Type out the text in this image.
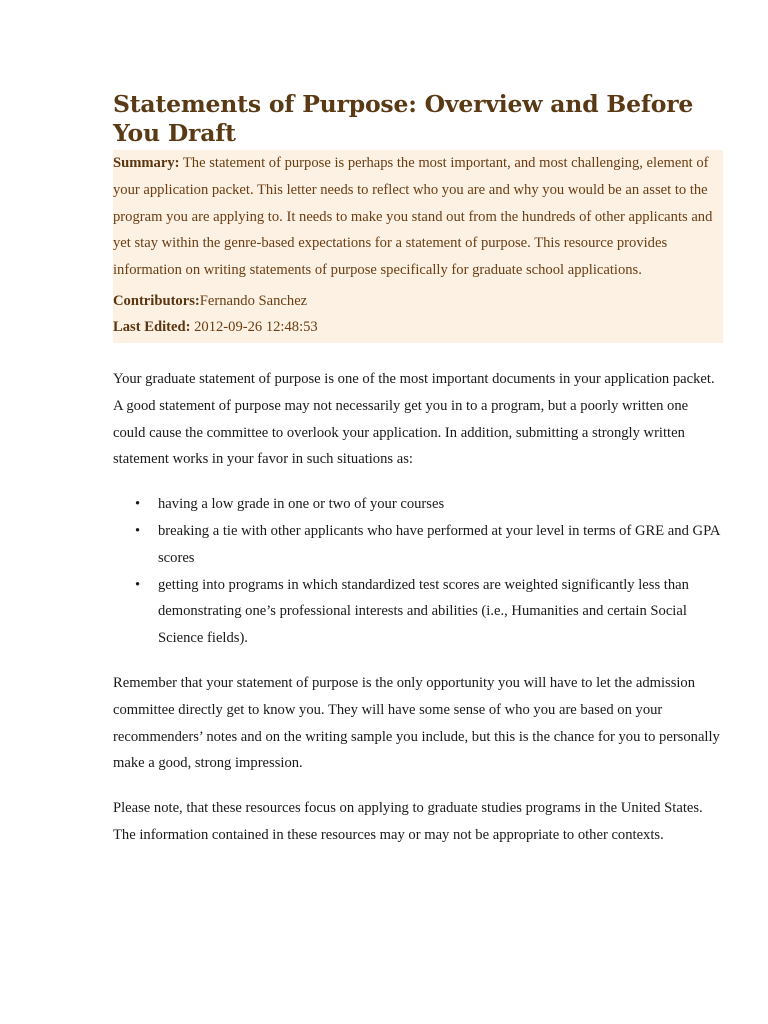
Statements of Purpose: Overview and Before You Draft

Summary: The statement of purpose is perhaps the most important, and most challenging, element of your application packet. This letter needs to reflect who you are and why you would be an asset to the program you are applying to. It needs to make you stand out from the hundreds of other applicants and yet stay within the genre-based expectations for a statement of purpose. This resource provides information on writing statements of purpose specifically for graduate school applications.

Contributors:Fernando Sanchez

Last Edited: 2012-09-26 12:48:53

Your graduate statement of purpose is one of the most important documents in your application packet. A good statement of purpose may not necessarily get you in to a program, but a poorly written one could cause the committee to overlook your application. In addition, submitting a strongly written statement works in your favor in such situations as:

• having a low grade in one or two of your courses
• breaking a tie with other applicants who have performed at your level in terms of GRE and GPA scores
• getting into programs in which standardized test scores are weighted significantly less than demonstrating one’s professional interests and abilities (i.e., Humanities and certain Social Science fields).

Remember that your statement of purpose is the only opportunity you will have to let the admission committee directly get to know you. They will have some sense of who you are based on your recommenders’ notes and on the writing sample you include, but this is the chance for you to personally make a good, strong impression.

Please note, that these resources focus on applying to graduate studies programs in the United States. The information contained in these resources may or may not be appropriate to other contexts.
